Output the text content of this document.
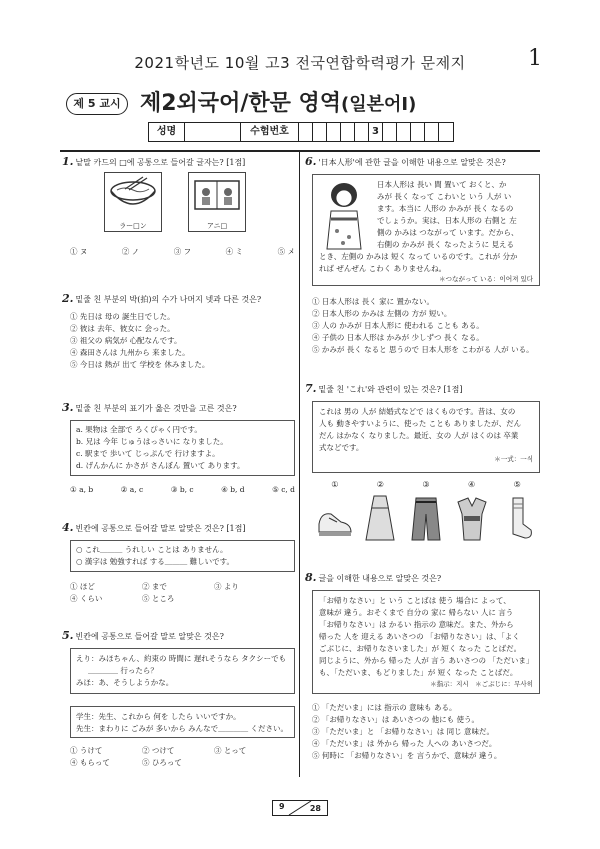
2021학년도 10월 고3 전국연합학력평가 문제지	1
제 5 교시 제2외국어/한문 영역(일본어Ⅰ)
성명	수험번호	3
1. 낱말 카드의 □에 공통으로 들어갈 글자는? [1점]
ラー□ン	アニ□
① ヌ	② ノ	③ フ	④ ミ	⑤ メ
2. 밑줄 친 부분의 박(拍)의 수가 나머지 넷과 다른 것은?
① 先日は 母の 誕生日でした。
② 彼は 去年、彼女に 会った。
③ 祖父の 病気が 心配なんです。
④ 森田さんは 九州から 来ました。
⑤ 今日は 熱が 出て 学校を 休みました。
3. 밑줄 친 부분의 표기가 옳은 것만을 고른 것은?
a. 果物は 全部で ろくぴゃく円です。
b. 兄は 今年 じゅうはっさいに なりました。
c. 駅まで 歩いて じっぷんで 行けますよ。
d. げんかんに かさが さんぼん 置いて あります。
① a, b	② a, c	③ b, c	④ b, d	⑤ c, d
4. 빈칸에 공통으로 들어갈 말로 알맞은 것은? [1점]
○ これ＿＿＿ うれしい ことは ありません。
○ 漢字は 勉強すれば する＿＿＿ 難しいです。
① ほど	② まで	③ より
④ くらい	⑤ ところ
5. 빈칸에 공통으로 들어갈 말로 알맞은 것은?
えり：みほちゃん、約束の 時間に 遅れそうなら タクシーでも
＿＿＿＿ 行ったら？
みほ：あ、そうしようかな。
学生：先生、これから 何を したら いいですか。
先生：まわりに ごみが 多いから みんなで＿＿＿＿ ください。
① うけて	② つけて	③ とって
④ もらって	⑤ ひろって
6. '日本人形'에 관한 글을 이해한 내용으로 알맞은 것은?
日本人形は 長い 間 置いて おくと、か
みが 長く なって こわいと いう 人が い
ます。本当に 人形の かみが 長く なるの
でしょうか。実は、日本人形の 右側と 左
側の かみは つながって います。だから、
右側の かみが 長く なったように 見える
とき、左側の かみは 短く なって いるのです。これが 分か
れば ぜんぜん こわく ありませんね。
＊つながって いる：이어져 있다
① 日本人形は 長く 家に 置かない。
② 日本人形の かみは 左側の 方が 短い。
③ 人の かみが 日本人形に 使われる ことも ある。
④ 子供の 日本人形は かみが 少しずつ 長く なる。
⑤ かみが 長く なると 思うので 日本人形を こわがる 人が いる。
7. 밑줄 친 'これ'와 관련이 있는 것은? [1점]
これは 男の 人が 結婚式などで はくものです。昔は、女の
人も 動きやすいように、使った ことも ありましたが、だん
だん はかなく なりました。最近、女の 人が はくのは 卒業
式などです。
＊一式：一식
①	②	③	④	⑤
8. 글을 이해한 내용으로 알맞은 것은?
「お帰りなさい」と いう ことばは 使う 場合に よって、
意味が 違う。おそくまで 自分の 家に 帰らない 人に 言う
「お帰りなさい」は かるい 指示の 意味だ。また、外から
帰った 人を 迎える あいさつの 「お帰りなさい」は、「よく
ごぶじに、お帰りなさいました」が 短く なった ことばだ。
同じように、外から 帰った 人が 言う あいさつの 「ただいま」
も、「ただいま、もどりました」が 短く なった ことばだ。
＊指示：지시　＊ごぶじに：무사히
① 「ただいま」には 指示の 意味も ある。
② 「お帰りなさい」は あいさつの 他にも 使う。
③ 「ただいま」と 「お帰りなさい」は 同じ 意味だ。
④ 「ただいま」は 外から 帰った 人への あいさつだ。
⑤ 何時に 「お帰りなさい」を 言うかで、意味が 違う。
9	28
